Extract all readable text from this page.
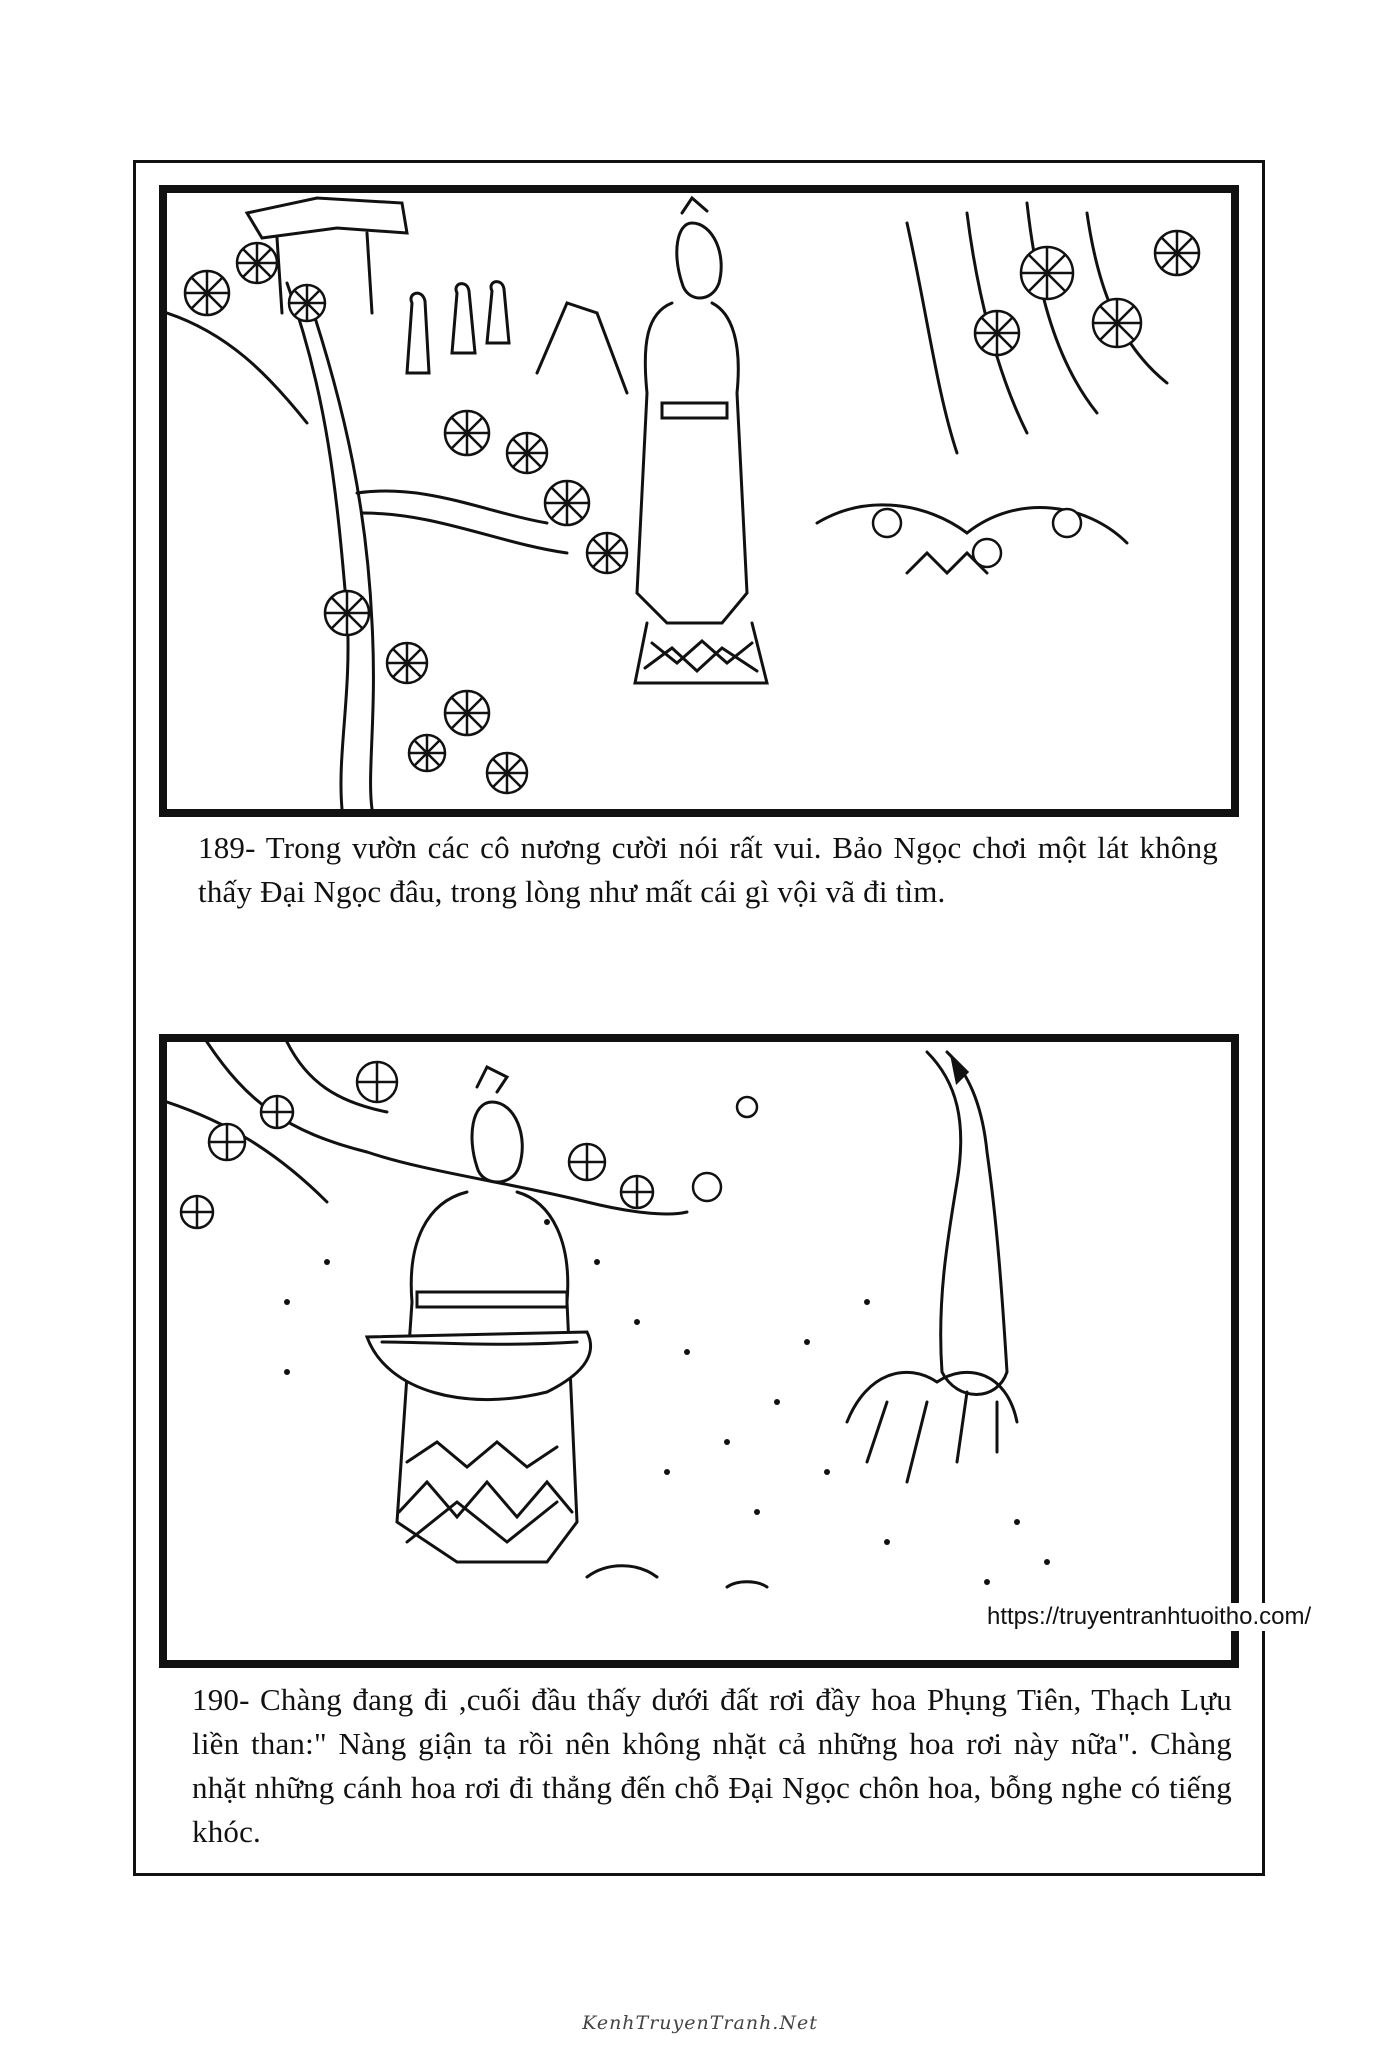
189- Trong vườn các cô nương cười nói rất vui. Bảo Ngọc chơi một lát không thấy Đại Ngọc đâu, trong lòng như mất cái gì vội vã đi tìm.

https://truyentranhtuoitho.com/

190- Chàng đang đi ,cuối đầu thấy dưới đất rơi đầy hoa Phụng Tiên, Thạch Lựu liền than:" Nàng giận ta rồi nên không nhặt cả những hoa rơi này nữa". Chàng nhặt những cánh hoa rơi đi thẳng đến chỗ Đại Ngọc chôn hoa, bỗng nghe có tiếng khóc.

KenhTruyenTranh.Net
